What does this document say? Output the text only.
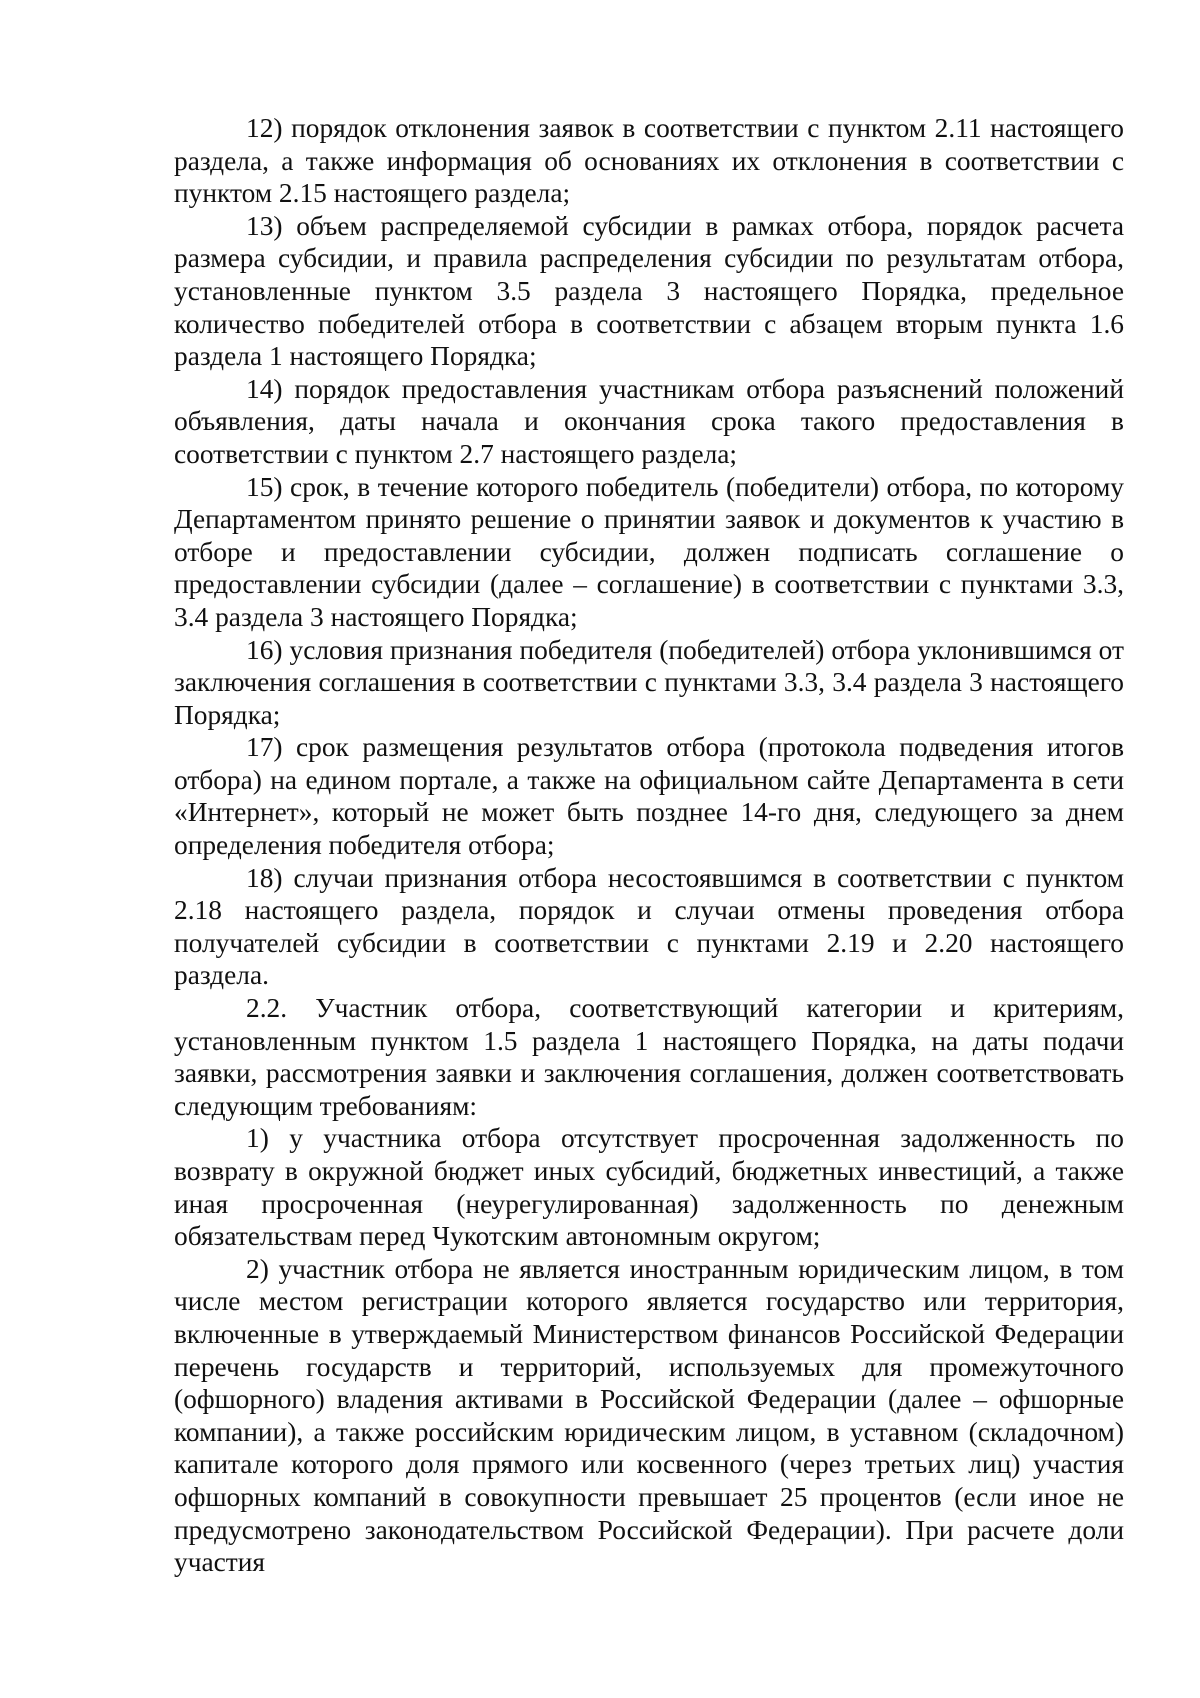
12) порядок отклонения заявок в соответствии с пунктом 2.11 настоящего раздела, а также информация об основаниях их отклонения в соответствии с пунктом 2.15 настоящего раздела;

13) объем распределяемой субсидии в рамках отбора, порядок расчета размера субсидии, и правила распределения субсидии по результатам отбора, установленные пунктом 3.5 раздела 3 настоящего Порядка, предельное количество победителей отбора в соответствии с абзацем вторым пункта 1.6 раздела 1 настоящего Порядка;

14) порядок предоставления участникам отбора разъяснений положений объявления, даты начала и окончания срока такого предоставления в соответствии с пунктом 2.7 настоящего раздела;

15) срок, в течение которого победитель (победители) отбора, по которому Департаментом принято решение о принятии заявок и документов к участию в отборе и предоставлении субсидии, должен подписать соглашение о предоставлении субсидии (далее – соглашение) в соответствии с пунктами 3.3, 3.4 раздела 3 настоящего Порядка;

16) условия признания победителя (победителей) отбора уклонившимся от заключения соглашения в соответствии с пунктами 3.3, 3.4 раздела 3 настоящего Порядка;

17) срок размещения результатов отбора (протокола подведения итогов отбора) на едином портале, а также на официальном сайте Департамента в сети «Интернет», который не может быть позднее 14-го дня, следующего за днем определения победителя отбора;

18) случаи признания отбора несостоявшимся в соответствии с пунктом 2.18 настоящего раздела, порядок и случаи отмены проведения отбора получателей субсидии в соответствии с пунктами 2.19 и 2.20 настоящего раздела.

2.2. Участник отбора, соответствующий категории и критериям, установленным пунктом 1.5 раздела 1 настоящего Порядка, на даты подачи заявки, рассмотрения заявки и заключения соглашения, должен соответствовать следующим требованиям:

1) у участника отбора отсутствует просроченная задолженность по возврату в окружной бюджет иных субсидий, бюджетных инвестиций, а также иная просроченная (неурегулированная) задолженность по денежным обязательствам перед Чукотским автономным округом;

2) участник отбора не является иностранным юридическим лицом, в том числе местом регистрации которого является государство или территория, включенные в утверждаемый Министерством финансов Российской Федерации перечень государств и территорий, используемых для промежуточного (офшорного) владения активами в Российской Федерации (далее – офшорные компании), а также российским юридическим лицом, в уставном (складочном) капитале которого доля прямого или косвенного (через третьих лиц) участия офшорных компаний в совокупности превышает 25 процентов (если иное не предусмотрено законодательством Российской Федерации). При расчете доли участия
